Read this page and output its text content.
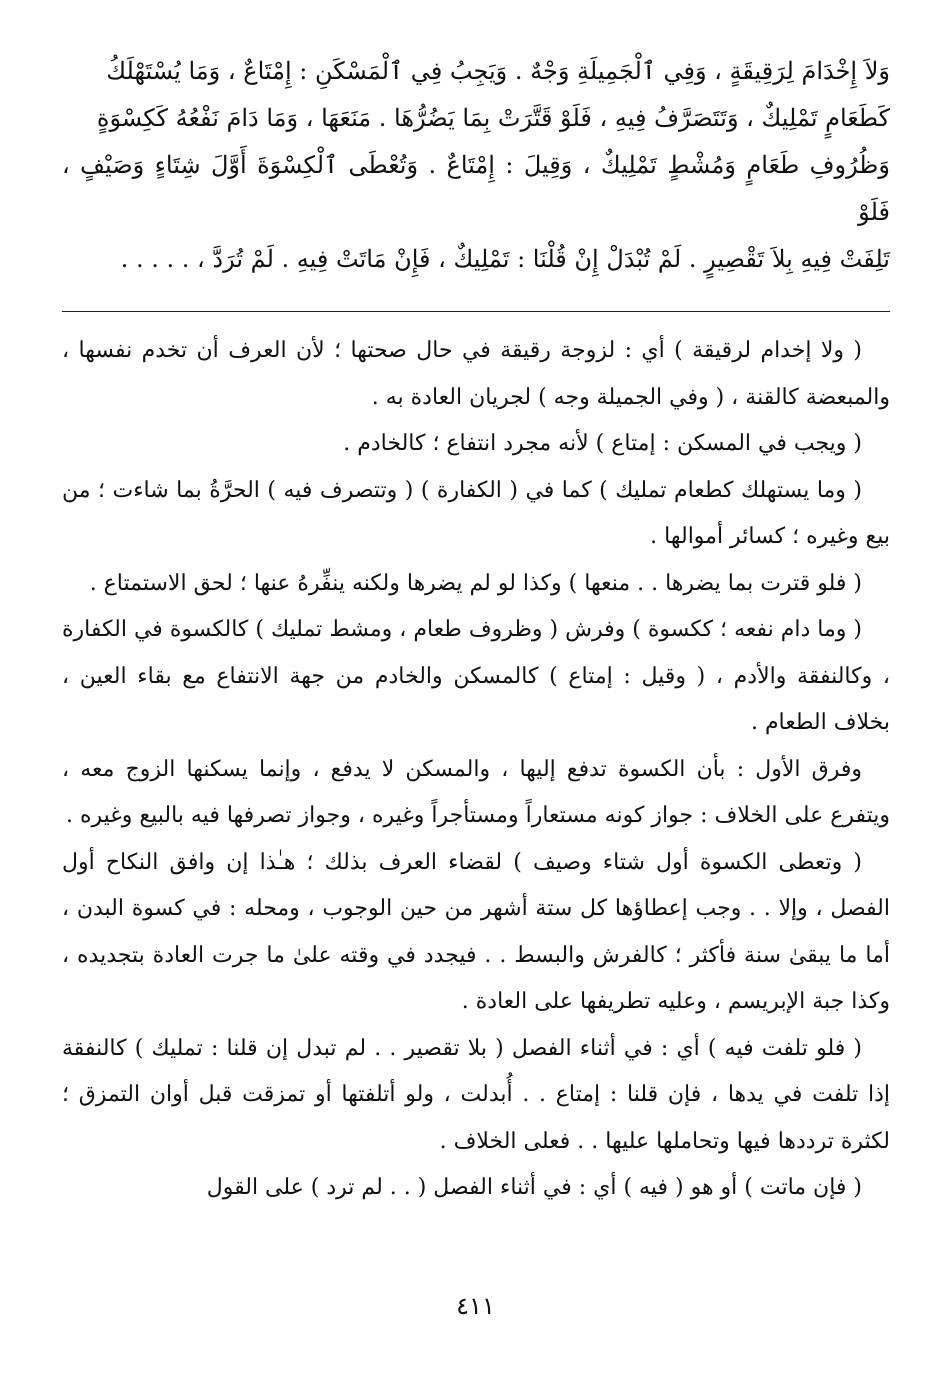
وَلاَ إِخْدَامَ لِرَقِيقَةٍ ، وَفِي ٱلْجَمِيلَةِ وَجْهٌ . وَيَجِبُ فِي ٱلْمَسْكَنِ : إِمْتَاعٌ ، وَمَا يُسْتَهْلَكُ
كَطَعَامٍ تَمْلِيكٌ ، وَتَتَصَرَّفُ فِيهِ ، فَلَوْ قَتَّرَتْ بِمَا يَضُرُّهَا . مَنَعَهَا ، وَمَا دَامَ نَفْعُهُ كَكِسْوَةٍ
وَظُرُوفِ طَعَامٍ وَمُشْطٍ تَمْلِيكٌ ، وَقِيلَ : إِمْتَاعٌ . وَتُعْطَى ٱلْكِسْوَةَ أَوَّلَ شِتَاءٍ وَصَيْفٍ ، فَلَوْ
تَلِفَتْ فِيهِ بِلاَ تَقْصِيرٍ . لَمْ تُبْدَلْ إِنْ قُلْنَا : تَمْلِيكٌ ، فَإِنْ مَاتَتْ فِيهِ . لَمْ تُرَدَّ ، . . . . .

( ولا إخدام لرقيقة ) أي : لزوجة رقيقة في حال صحتها ؛ لأن العرف أن تخدم نفسها ، والمبعضة كالقنة ، ( وفي الجميلة وجه ) لجريان العادة به .

( ويجب في المسكن : إمتاع ) لأنه مجرد انتفاع ؛ كالخادم .

( وما يستهلك كطعام تمليك ) كما في ( الكفارة ) ( وتتصرف فيه ) الحرَّةُ بما شاءت ؛ من بيع وغيره ؛ كسائر أموالها .

( فلو قترت بما يضرها . . منعها ) وكذا لو لم يضرها ولكنه ينفِّرهُ عنها ؛ لحق الاستمتاع .

( وما دام نفعه ؛ ككسوة ) وفرش ( وظروف طعام ، ومشط تمليك ) كالكسوة في الكفارة ، وكالنفقة والأدم ، ( وقيل : إمتاع ) كالمسكن والخادم من جهة الانتفاع مع بقاء العين ، بخلاف الطعام .

وفرق الأول : بأن الكسوة تدفع إليها ، والمسكن لا يدفع ، وإنما يسكنها الزوج معه ، ويتفرع على الخلاف : جواز كونه مستعاراً ومستأجراً وغيره ، وجواز تصرفها فيه بالبيع وغيره .

( وتعطى الكسوة أول شتاء وصيف ) لقضاء العرف بذلك ؛ هـٰذا إن وافق النكاح أول الفصل ، وإلا . . وجب إعطاؤها كل ستة أشهر من حين الوجوب ، ومحله : في كسوة البدن ، أما ما يبقىٰ سنة فأكثر ؛ كالفرش والبسط . . فيجدد في وقته علىٰ ما جرت العادة بتجديده ، وكذا جبة الإبريسم ، وعليه تطريفها على العادة .

( فلو تلفت فيه ) أي : في أثناء الفصل ( بلا تقصير . . لم تبدل إن قلنا : تمليك ) كالنفقة إذا تلفت في يدها ، فإن قلنا : إمتاع . . أُبدلت ، ولو أتلفتها أو تمزقت قبل أوان التمزق ؛ لكثرة ترددها فيها وتحاملها عليها . . فعلى الخلاف .

( فإن ماتت ) أو هو ( فيه ) أي : في أثناء الفصل ( . . لم ترد ) على القول

٤١١
